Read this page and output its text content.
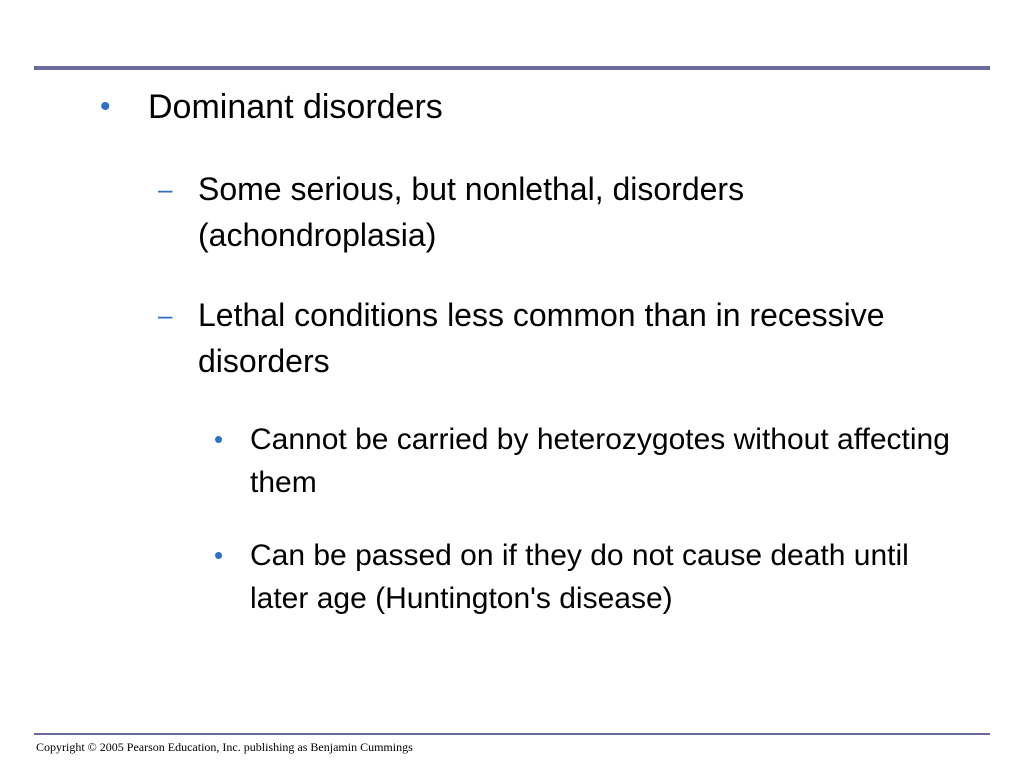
•	Dominant disorders
– Some serious, but nonlethal, disorders (achondroplasia)
– Lethal conditions less common than in recessive disorders
• Cannot be carried by heterozygotes without affecting them
• Can be passed on if they do not cause death until later age (Huntington's disease)
Copyright © 2005 Pearson Education, Inc. publishing as Benjamin Cummings
